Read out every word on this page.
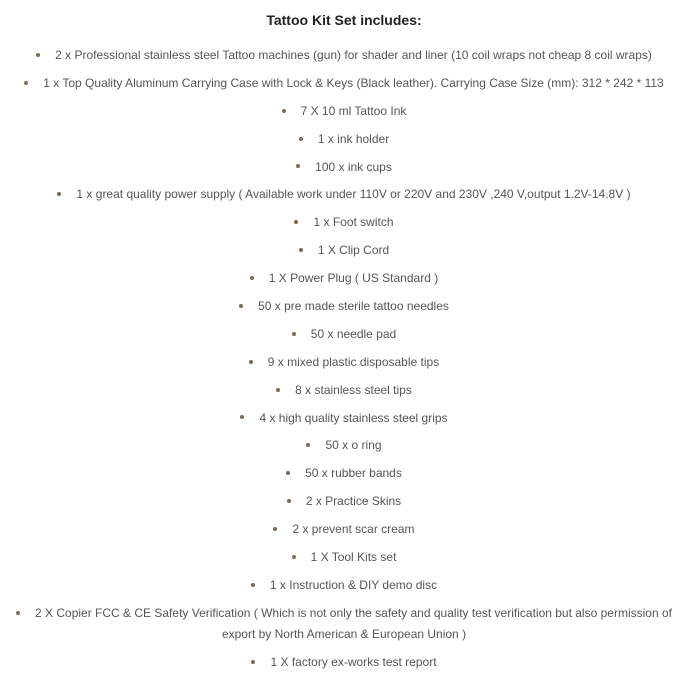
Tattoo Kit Set includes:
2 x Professional stainless steel Tattoo machines (gun) for shader and liner (10 coil wraps not cheap 8 coil wraps)
1 x Top Quality Aluminum Carrying Case with Lock & Keys (Black leather). Carrying Case Size (mm): 312 * 242 * 113
7 X 10 ml Tattoo Ink
1 x ink holder
100 x ink cups
1 x great quality power supply ( Available work under 110V or 220V and 230V ,240 V,output 1.2V-14.8V )
1 x Foot switch
1 X Clip Cord
1 X Power Plug ( US Standard )
50 x pre made sterile tattoo needles
50 x needle pad
9 x mixed plastic disposable tips
8 x stainless steel tips
4 x high quality stainless steel grips
50 x o ring
50 x rubber bands
2 x Practice Skins
2 x prevent scar cream
1 X Tool Kits set
1 x Instruction & DIY demo disc
2 X Copier FCC & CE Safety Verification ( Which is not only the safety and quality test verification but also permission of export by North American & European Union )
1 X factory ex-works test report
